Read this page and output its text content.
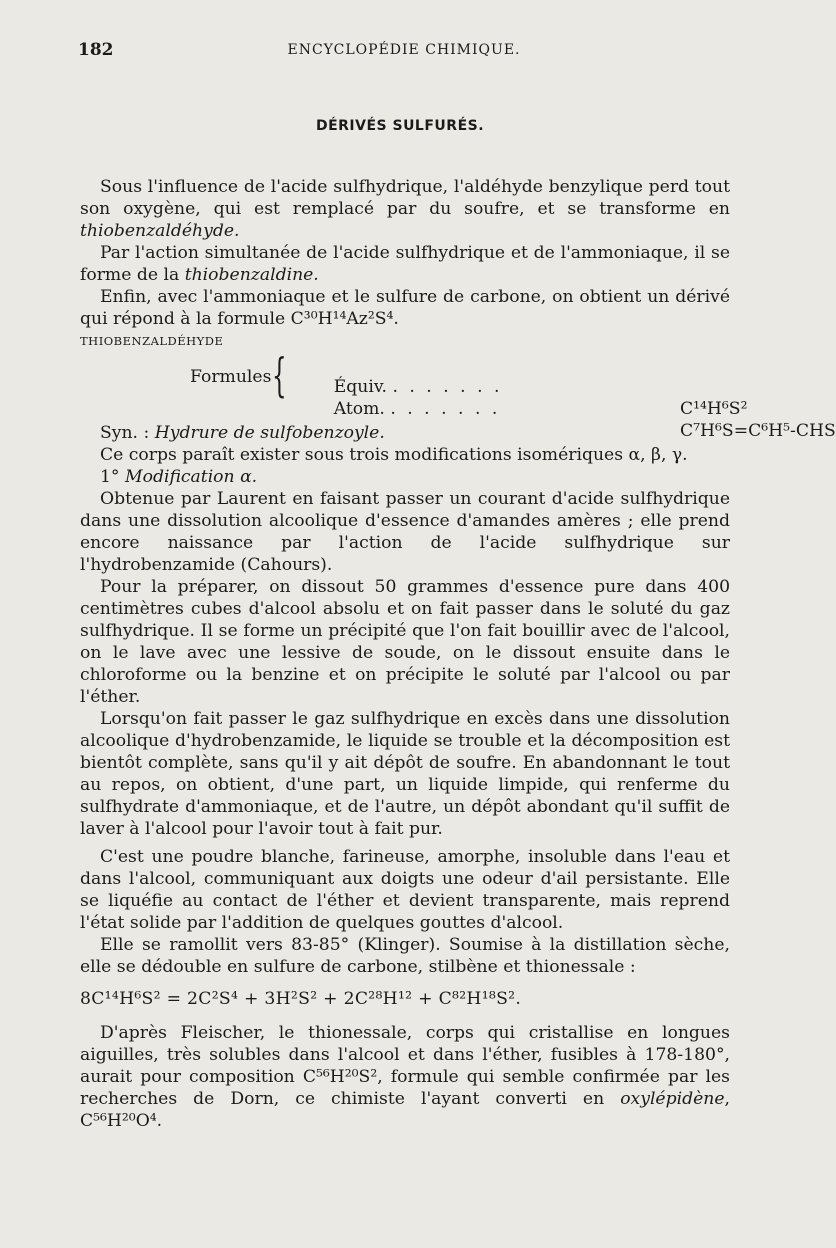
182	ENCYCLOPÉDIE CHIMIQUE.
DÉRIVÉS SULFURÉS.

Sous l'influence de l'acide sulfhydrique, l'aldéhyde benzylique perd tout son oxygène, qui est remplacé par du soufre, et se transforme en thiobenzaldéhyde.

Par l'action simultanée de l'acide sulfhydrique et de l'ammoniaque, il se forme de la thiobenzaldine.

Enfin, avec l'ammoniaque et le sulfure de carbone, on obtient un dérivé qui répond à la formule C³⁰H¹⁴Az²S⁴.

THIOBENZALDÉHYDE

Formules {	Équiv. . . . . . . .

C¹⁴H⁶S²

Atom. . . . . . . .

C⁷H⁶S=C⁶H⁵-CHS

Syn. : Hydrure de sulfobenzoyle.

Ce corps paraît exister sous trois modifications isomériques α, β, γ.

1° Modification α.

Obtenue par Laurent en faisant passer un courant d'acide sulfhydrique dans une dissolution alcoolique d'essence d'amandes amères ; elle prend encore naissance par l'action de l'acide sulfhydrique sur l'hydrobenzamide (Cahours).

Pour la préparer, on dissout 50 grammes d'essence pure dans 400 centimètres cubes d'alcool absolu et on fait passer dans le soluté du gaz sulfhydrique. Il se forme un précipité que l'on fait bouillir avec de l'alcool, on le lave avec une lessive de soude, on le dissout ensuite dans le chloroforme ou la benzine et on précipite le soluté par l'alcool ou par l'éther.

Lorsqu'on fait passer le gaz sulfhydrique en excès dans une dissolution alcoolique d'hydrobenzamide, le liquide se trouble et la décomposition est bientôt complète, sans qu'il y ait dépôt de soufre. En abandonnant le tout au repos, on obtient, d'une part, un liquide limpide, qui renferme du sulfhydrate d'ammoniaque, et de l'autre, un dépôt abondant qu'il suffit de laver à l'alcool pour l'avoir tout à fait pur.

C'est une poudre blanche, farineuse, amorphe, insoluble dans l'eau et dans l'alcool, communiquant aux doigts une odeur d'ail persistante. Elle se liquéfie au contact de l'éther et devient transparente, mais reprend l'état solide par l'addition de quelques gouttes d'alcool.

Elle se ramollit vers 83-85° (Klinger). Soumise à la distillation sèche, elle se dédouble en sulfure de carbone, stilbène et thionessale :

8C¹⁴H⁶S² = 2C²S⁴ + 3H²S² + 2C²⁸H¹² + C⁸²H¹⁸S².

D'après Fleischer, le thionessale, corps qui cristallise en longues aiguilles, très solubles dans l'alcool et dans l'éther, fusibles à 178-180°, aurait pour composition C⁵⁶H²⁰S², formule qui semble confirmée par les recherches de Dorn, ce chimiste l'ayant converti en oxylépidène, C⁵⁶H²⁰O⁴.
